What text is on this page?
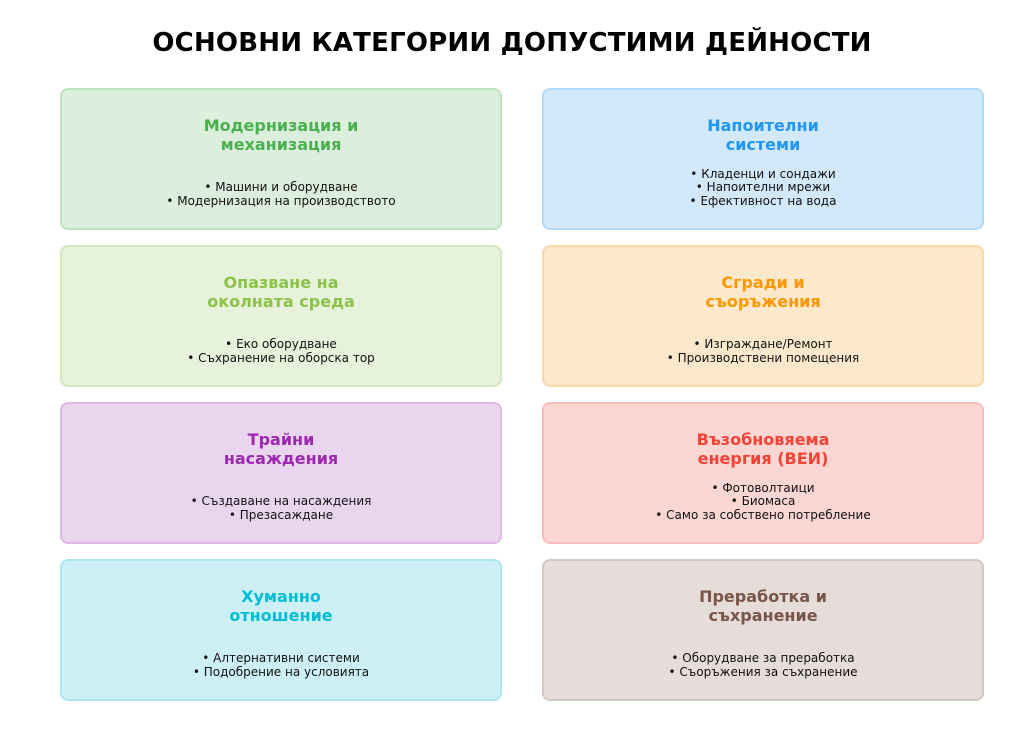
ОСНОВНИ КАТЕГОРИИ ДОПУСТИМИ ДЕЙНОСТИ
Модернизация и
механизация
• Машини и оборудване
• Модернизация на производството
Напоителни
системи
• Кладенци и сондажи
• Напоителни мрежи
• Ефективност на вода
Опазване на
околната среда
• Еко оборудване
• Съхранение на оборска тор
Сгради и
съоръжения
• Изграждане/Ремонт
• Производствени помещения
Трайни
насаждения
• Създаване на насаждения
• Презасаждане
Възобновяема
енергия (ВЕИ)
• Фотоволтаици
• Биомаса
• Само за собствено потребление
Хуманно
отношение
• Алтернативни системи
• Подобрение на условията
Преработка и
съхранение
• Оборудване за преработка
• Съоръжения за съхранение
